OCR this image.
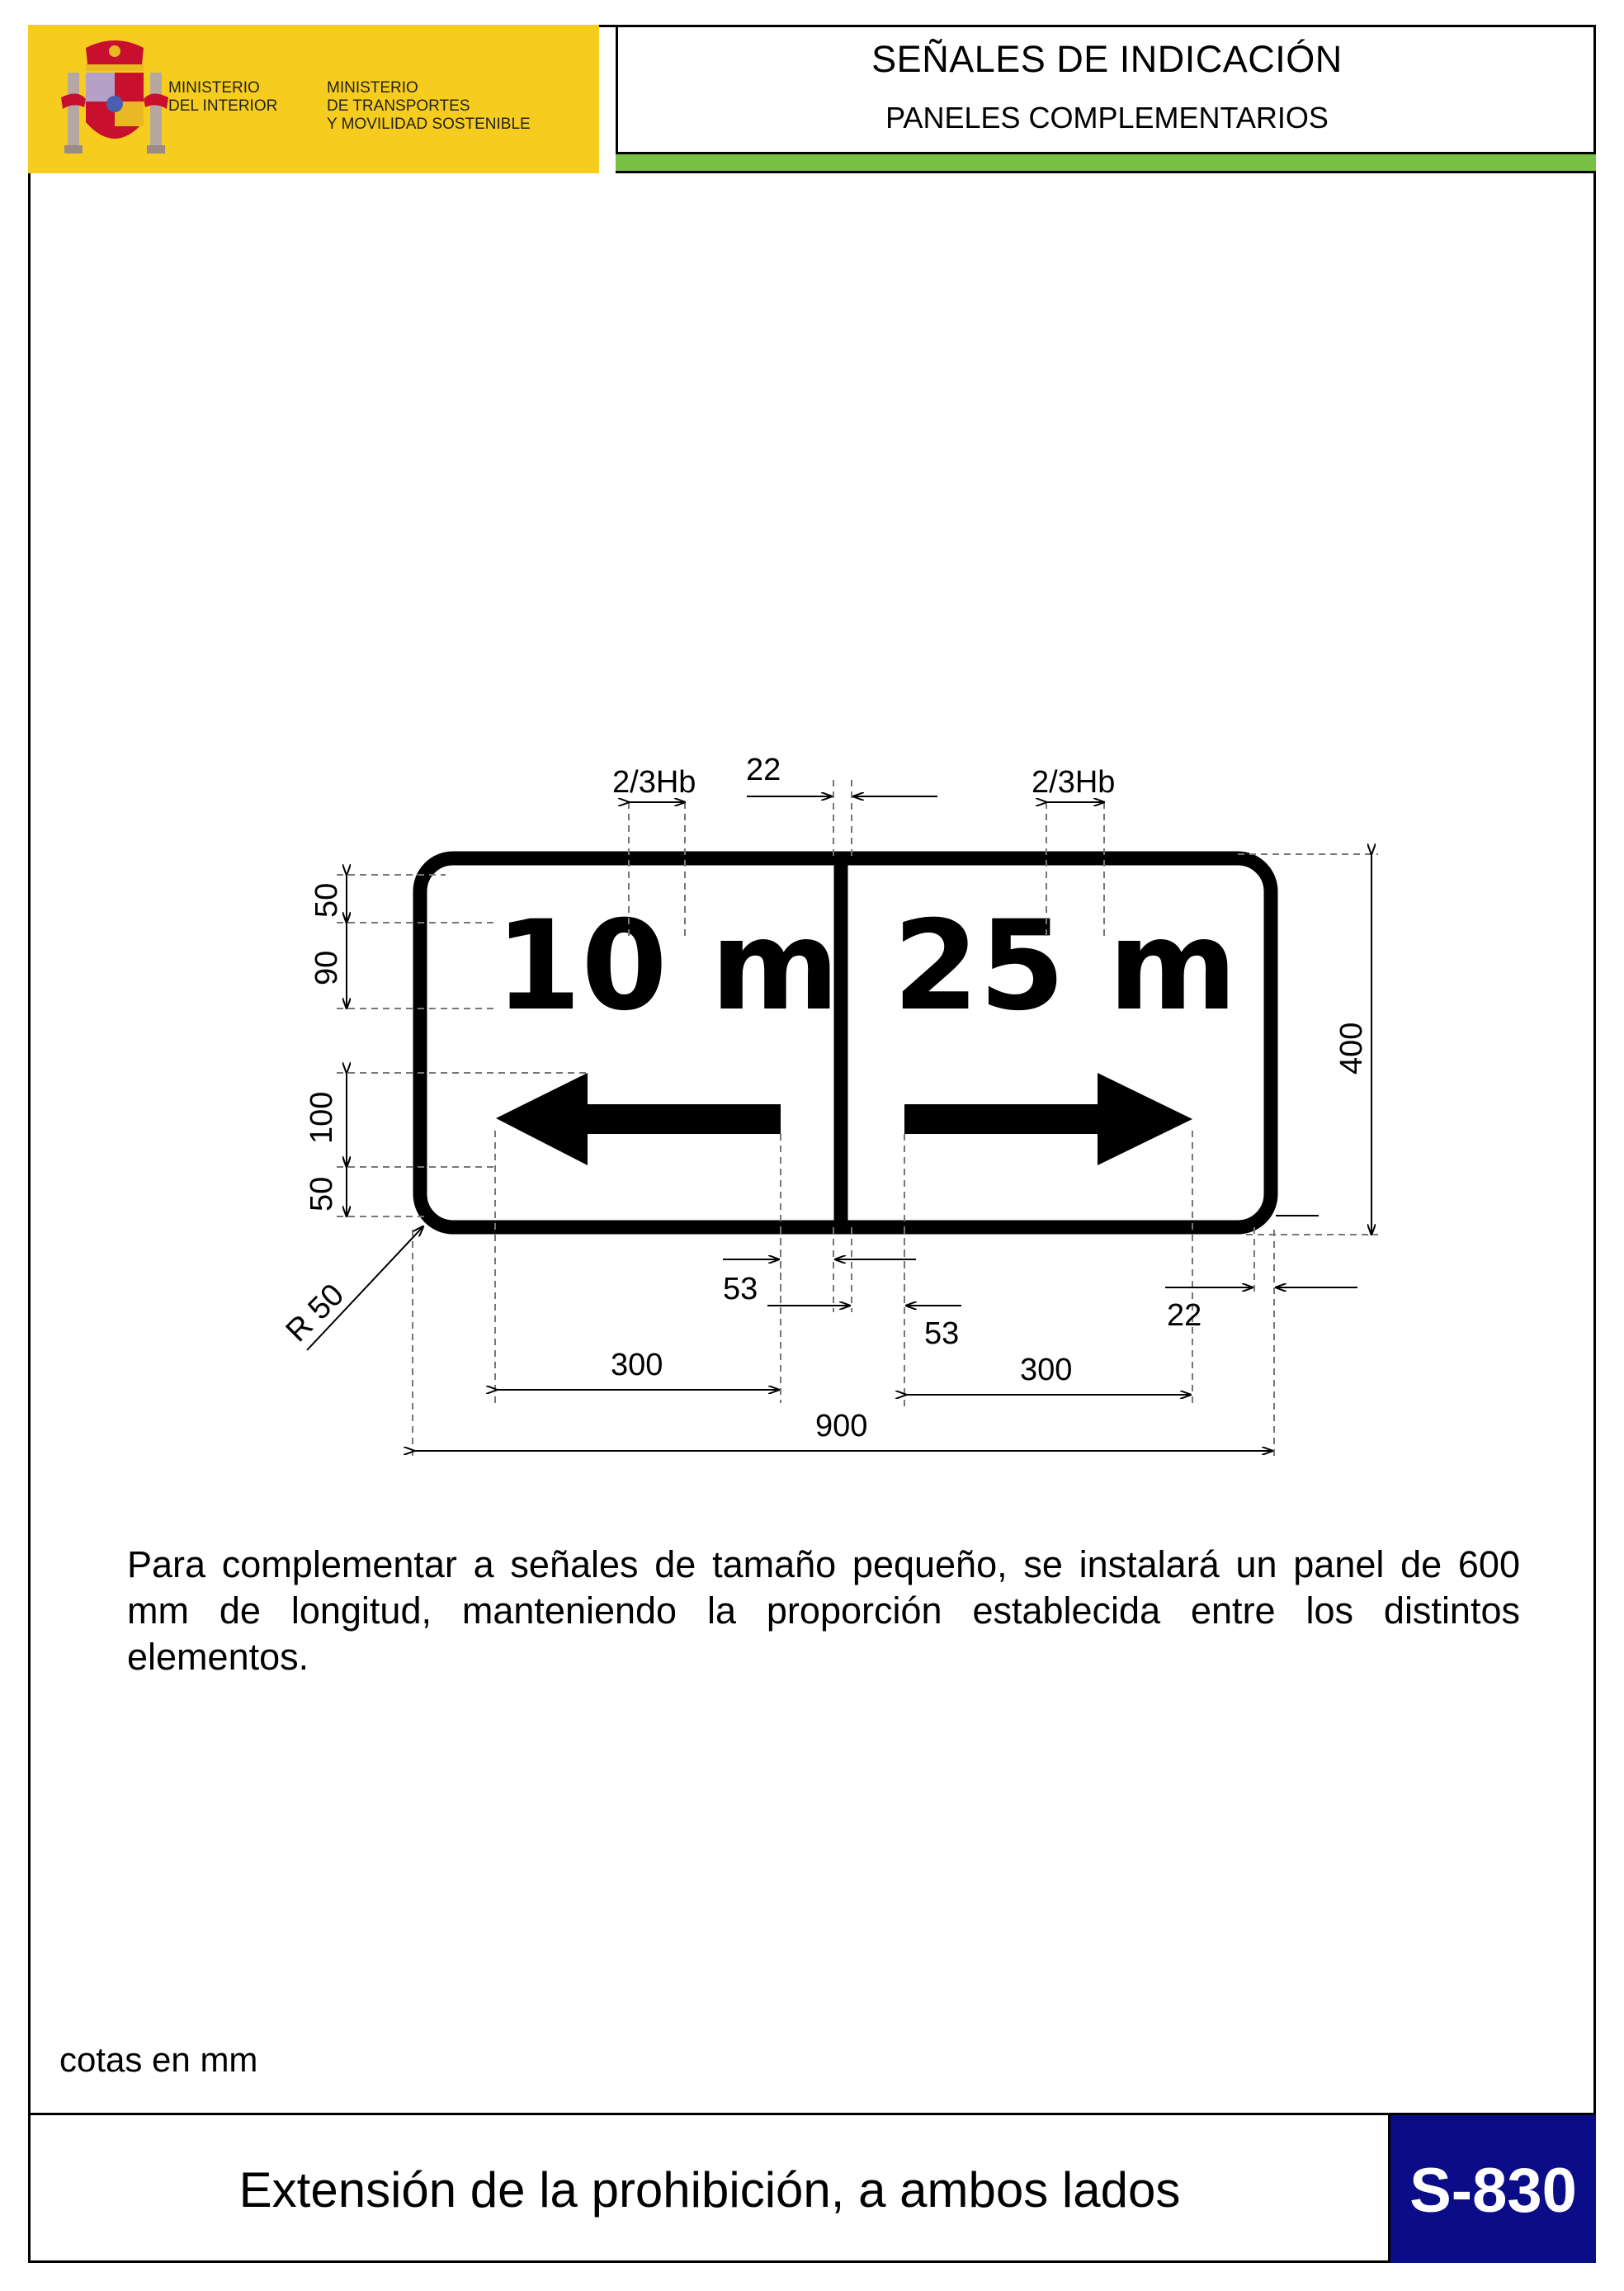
MINISTERIO
DEL INTERIOR
MINISTERIO
DE TRANSPORTES
Y MOVILIDAD SOSTENIBLE
SEÑALES DE INDICACIÓN
PANELES COMPLEMENTARIOS
10 m 25 m
2/3Hb	2/3Hb
22
50
90
100
50
400
R 50	53
53
22
300	300
900
Para complementar a señales de tamaño pequeño, se instalará un panel de 600 mm de longitud, manteniendo la proporción establecida entre los distintos elementos.
cotas en mm
Extensión de la prohibición, a ambos lados	S-830
